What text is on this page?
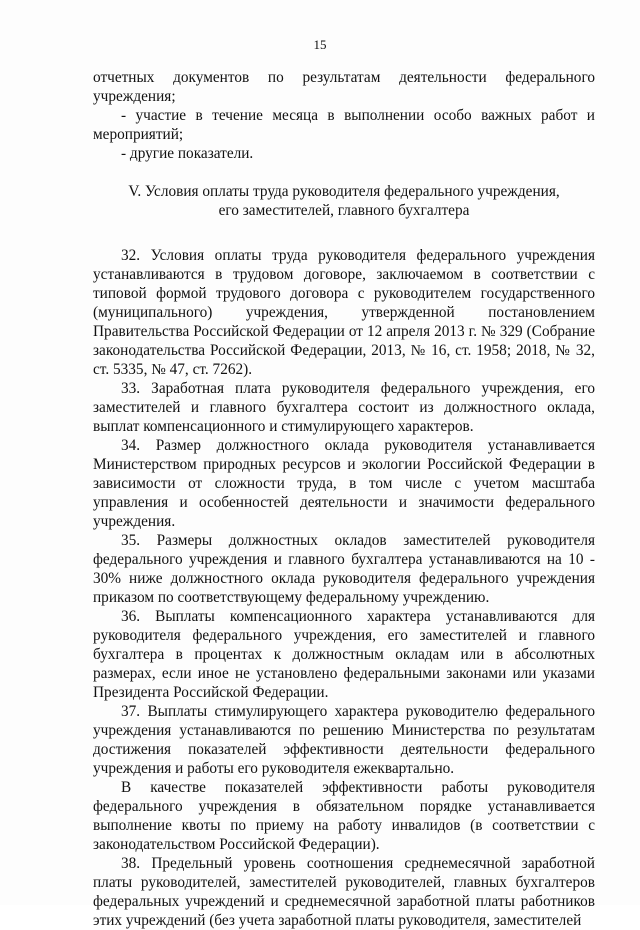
15

отчетных документов по результатам деятельности федерального учреждения;

- участие в течение месяца в выполнении особо важных работ и мероприятий;

- другие показатели.

V. Условия оплаты труда руководителя федерального учреждения,
его заместителей, главного бухгалтера

32. Условия оплаты труда руководителя федерального учреждения устанавливаются в трудовом договоре, заключаемом в соответствии с типовой формой трудового договора с руководителем государственного (муниципального) учреждения, утвержденной постановлением Правительства Российской Федерации от 12 апреля 2013 г. № 329 (Собрание законодательства Российской Федерации, 2013, № 16, ст. 1958; 2018, № 32, ст. 5335, № 47, ст. 7262).

33. Заработная плата руководителя федерального учреждения, его заместителей и главного бухгалтера состоит из должностного оклада, выплат компенсационного и стимулирующего характеров.

34. Размер должностного оклада руководителя устанавливается Министерством природных ресурсов и экологии Российской Федерации в зависимости от сложности труда, в том числе с учетом масштаба управления и особенностей деятельности и значимости федерального учреждения.

35. Размеры должностных окладов заместителей руководителя федерального учреждения и главного бухгалтера устанавливаются на 10 - 30% ниже должностного оклада руководителя федерального учреждения приказом по соответствующему федеральному учреждению.

36. Выплаты компенсационного характера устанавливаются для руководителя федерального учреждения, его заместителей и главного бухгалтера в процентах к должностным окладам или в абсолютных размерах, если иное не установлено федеральными законами или указами Президента Российской Федерации.

37. Выплаты стимулирующего характера руководителю федерального учреждения устанавливаются по решению Министерства по результатам достижения показателей эффективности деятельности федерального учреждения и работы его руководителя ежеквартально.

В качестве показателей эффективности работы руководителя федерального учреждения в обязательном порядке устанавливается выполнение квоты по приему на работу инвалидов (в соответствии с законодательством Российской Федерации).

38. Предельный уровень соотношения среднемесячной заработной платы руководителей, заместителей руководителей, главных бухгалтеров федеральных учреждений и среднемесячной заработной платы работников этих учреждений (без учета заработной платы руководителя, заместителей
